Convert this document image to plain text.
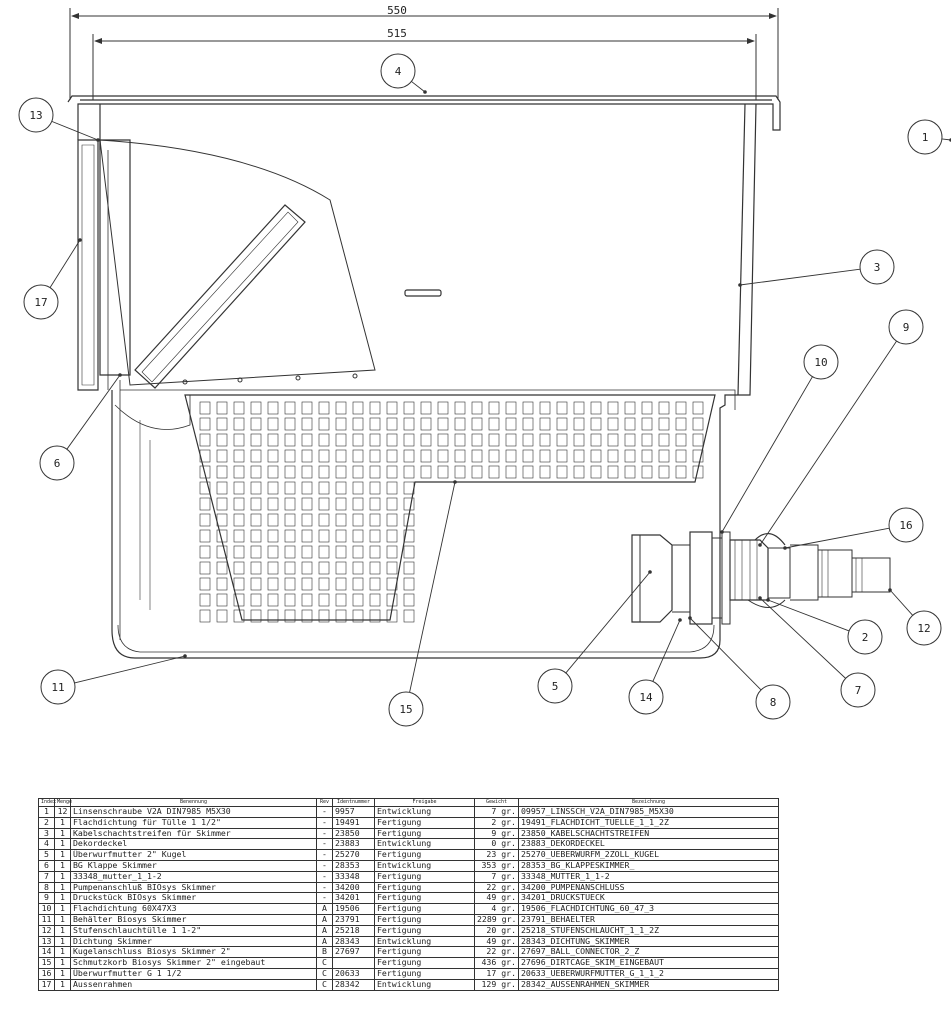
550
515
1
2
3
4
5
6
7
8
9
10
11
12
13
14
15
16
17
Index	Menge	Benennung	Rev	Identnummer	Freigabe	Gewicht	Bezeichnung
1	12	Linsenschraube V2A DIN7985 M5X30	-	9957	Entwicklung	7 gr.	09957_LINSSCH_V2A_DIN7985_M5X30
2	1	Flachdichtung für Tülle 1 1/2"	-	19491	Fertigung	2 gr.	19491_FLACHDICHT_TUELLE_1_1_2Z
3	1	Kabelschachtstreifen für Skimmer	-	23850	Fertigung	9 gr.	23850_KABELSCHACHTSTREIFEN
4	1	Dekordeckel	-	23883	Entwicklung	0 gr.	23883_DEKORDECKEL
5	1	Überwurfmutter 2" Kugel	-	25270	Fertigung	23 gr.	25270_UEBERWURFM_2ZOLL_KUGEL
6	1	BG Klappe Skimmer	-	28353	Entwicklung	353 gr.	28353_BG_KLAPPESKIMMER_
7	1	33348_mutter_1_1-2	-	33348	Fertigung	7 gr.	33348_MUTTER_1_1-2
8	1	Pumpenanschluß BIOsys Skimmer	-	34200	Fertigung	22 gr.	34200_PUMPENANSCHLUSS
9	1	Druckstück BIOsys Skimmer	-	34201	Fertigung	49 gr.	34201_DRUCKSTUECK
10	1	Flachdichtung 60X47X3	A	19506	Fertigung	4 gr.	19506_FLACHDICHTUNG_60_47_3
11	1	Behälter Biosys Skimmer	A	23791	Fertigung	2289 gr.	23791_BEHAELTER
12	1	Stufenschlauchtülle 1 1-2"	A	25218	Fertigung	20 gr.	25218_STUFENSCHLAUCHT_1_1_2Z
13	1	Dichtung Skimmer	A	28343	Entwicklung	49 gr.	28343_DICHTUNG_SKIMMER
14	1	Kugelanschluss Biosys Skimmer 2"	B	27697	Fertigung	22 gr.	27697_BALL_CONNECTOR_2_Z
15	1	Schmutzkorb Biosys Skimmer 2" eingebaut	C		Fertigung	436 gr.	27696_DIRTCAGE_SKIM_EINGEBAUT
16	1	Überwurfmutter G 1 1/2	C	20633	Fertigung	17 gr.	20633_UEBERWURFMUTTER_G_1_1_2
17	1	Aussenrahmen	C	28342	Entwicklung	129 gr.	28342_AUSSENRAHMEN_SKIMMER
